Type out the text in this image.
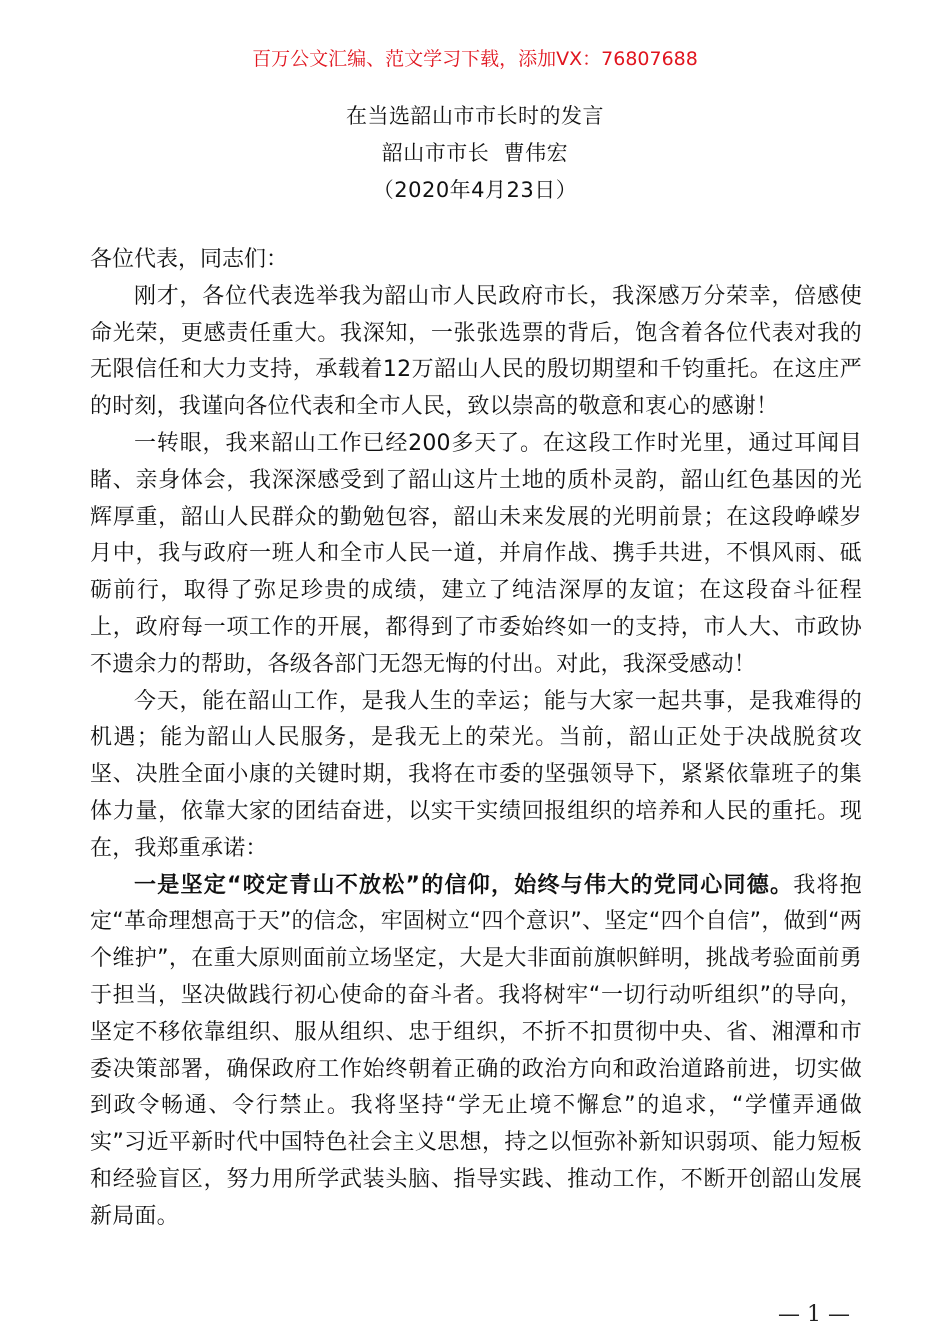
百万公文汇编、范文学习下载，添加VX：76807688
在当选韶山市市长时的发言
韶山市市长  曹伟宏
（2020年4月23日）

各位代表，同志们：

刚才，各位代表选举我为韶山市人民政府市长，我深感万分荣幸，倍感使命光荣，更感责任重大。我深知，一张张选票的背后，饱含着各位代表对我的无限信任和大力支持，承载着12万韶山人民的殷切期望和千钧重托。在这庄严的时刻，我谨向各位代表和全市人民，致以崇高的敬意和衷心的感谢！

一转眼，我来韶山工作已经200多天了。在这段工作时光里，通过耳闻目睹、亲身体会，我深深感受到了韶山这片土地的质朴灵韵，韶山红色基因的光辉厚重，韶山人民群众的勤勉包容，韶山未来发展的光明前景；在这段峥嵘岁月中，我与政府一班人和全市人民一道，并肩作战、携手共进，不惧风雨、砥砺前行，取得了弥足珍贵的成绩，建立了纯洁深厚的友谊；在这段奋斗征程上，政府每一项工作的开展，都得到了市委始终如一的支持，市人大、市政协不遗余力的帮助，各级各部门无怨无悔的付出。对此，我深受感动！

今天，能在韶山工作，是我人生的幸运；能与大家一起共事，是我难得的机遇；能为韶山人民服务，是我无上的荣光。当前，韶山正处于决战脱贫攻坚、决胜全面小康的关键时期，我将在市委的坚强领导下，紧紧依靠班子的集体力量，依靠大家的团结奋进，以实干实绩回报组织的培养和人民的重托。现在，我郑重承诺：

一是坚定“咬定青山不放松”的信仰，始终与伟大的党同心同德。我将抱定“革命理想高于天”的信念，牢固树立“四个意识”、坚定“四个自信”，做到“两个维护”，在重大原则面前立场坚定，大是大非面前旗帜鲜明，挑战考验面前勇于担当，坚决做践行初心使命的奋斗者。我将树牢“一切行动听组织”的导向，坚定不移依靠组织、服从组织、忠于组织，不折不扣贯彻中央、省、湘潭和市委决策部署，确保政府工作始终朝着正确的政治方向和政治道路前进，切实做到政令畅通、令行禁止。我将坚持“学无止境不懈怠”的追求，“学懂弄通做实”习近平新时代中国特色社会主义思想，持之以恒弥补新知识弱项、能力短板和经验盲区，努力用所学武装头脑、指导实践、推动工作，不断开创韶山发展新局面。

— 1 —
